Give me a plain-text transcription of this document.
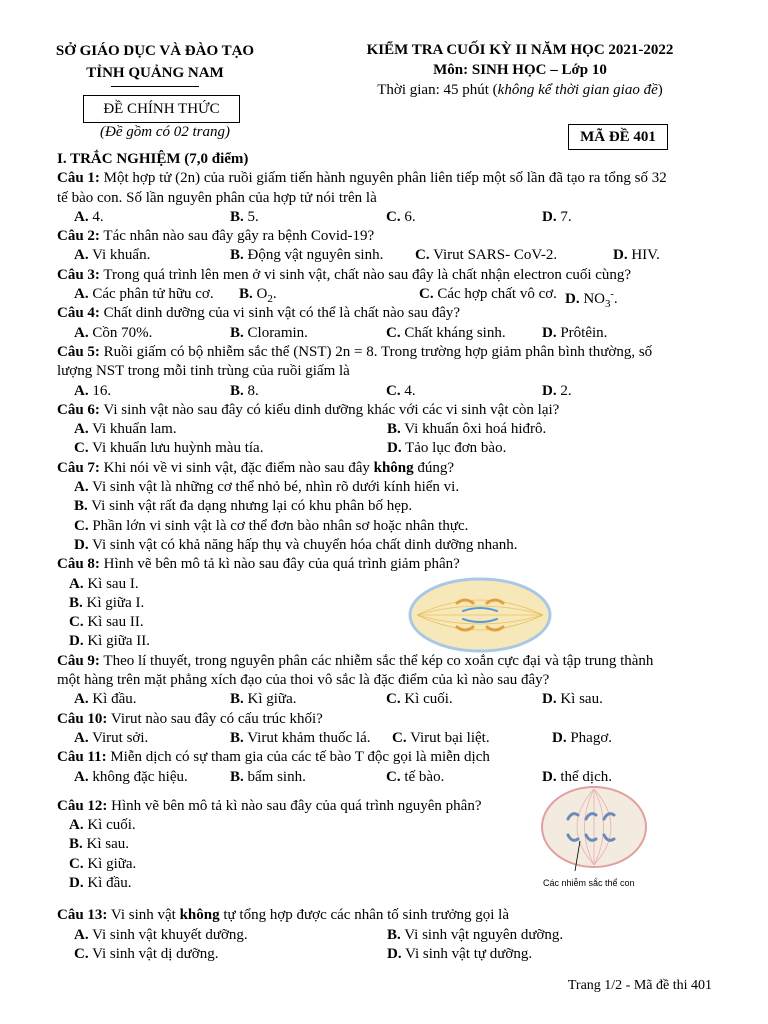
SỞ GIÁO DỤC VÀ ĐÀO TẠO
TỈNH QUẢNG NAM
KIỂM TRA CUỐI KỲ II NĂM HỌC 2021-2022
Môn: SINH HỌC – Lớp 10
Thời gian: 45 phút (không kể thời gian giao đề)
ĐỀ CHÍNH THỨC
(Đề gồm có 02 trang)	MÃ ĐỀ 401
I. TRẮC NGHIỆM (7,0 điểm)
Câu 1: Một hợp tử (2n) của ruồi giấm tiến hành nguyên phân liên tiếp một số lần đã tạo ra tổng số 32
tế bào con. Số lần nguyên phân của hợp tử nói trên là
A. 4.	B. 5.	C. 6.	D. 7.
Câu 2: Tác nhân nào sau đây gây ra bệnh Covid-19?
A. Vi khuẩn.	B. Động vật nguyên sinh.	C. Virut SARS- CoV-2.	D. HIV.
Câu 3: Trong quá trình lên men ở vi sinh vật, chất nào sau đây là chất nhận electron cuối cùng?
A. Các phân tử hữu cơ.	B. $O_2$.	C. Các hợp chất vô cơ. D. $NO_3^-$.
Câu 4: Chất dinh dưỡng của vi sinh vật có thể là chất nào sau đây?
A. Cồn 70%.	B. Cloramin.	C. Chất kháng sinh.	D. Prôtêin.
Câu 5: Ruồi giấm có bộ nhiễm sắc thể (NST) 2n = 8. Trong trường hợp giảm phân bình thường, số
lượng NST trong mỗi tinh trùng của ruồi giấm là
A. 16.	B. 8.	C. 4.	D. 2.
Câu 6: Vi sinh vật nào sau đây có kiểu dinh dưỡng khác với các vi sinh vật còn lại?
A. Vi khuẩn lam.	B. Vi khuẩn ôxi hoá hiđrô.
C. Vi khuẩn lưu huỳnh màu tía.	D. Tảo lục đơn bào.
Câu 7: Khi nói về vi sinh vật, đặc điểm nào sau đây không đúng?
A. Vi sinh vật là những cơ thể nhỏ bé, nhìn rõ dưới kính hiển vi.
B. Vi sinh vật rất đa dạng nhưng lại có khu phân bố hẹp.
C. Phần lớn vi sinh vật là cơ thể đơn bào nhân sơ hoặc nhân thực.
D. Vi sinh vật có khả năng hấp thụ và chuyển hóa chất dinh dưỡng nhanh.
Câu 8: Hình vẽ bên mô tả kì nào sau đây của quá trình giảm phân?
A. Kì sau I.
B. Kì giữa I.
C. Kì sau II.
D. Kì giữa II.
Câu 9: Theo lí thuyết, trong nguyên phân các nhiễm sắc thể kép co xoắn cực đại và tập trung thành
một hàng trên mặt phẳng xích đạo của thoi vô sắc là đặc điểm của kì nào sau đây?
A. Kì đầu.	B. Kì giữa.	C. Kì cuối.	D. Kì sau.
Câu 10: Virut nào sau đây có cấu trúc khối?
A. Virut sởi.	B. Virut khảm thuốc lá.	C. Virut bại liệt.	D. Phagơ.
Câu 11: Miễn dịch có sự tham gia của các tế bào T độc gọi là miễn dịch
A. không đặc hiệu.	B. bẩm sinh.	C. tế bào.	D. thể dịch.
Câu 12: Hình vẽ bên mô tả kì nào sau đây của quá trình nguyên phân?
A. Kì cuối.
B. Kì sau.
C. Kì giữa.
D. Kì đầu.
Câu 13: Vi sinh vật không tự tổng hợp được các nhân tố sinh trưởng gọi là
A. Vi sinh vật khuyết dưỡng.	B. Vi sinh vật nguyên dưỡng.
C. Vi sinh vật dị dưỡng.	D. Vi sinh vật tự dưỡng.
Các nhiễm sắc thể con
Trang 1/2 - Mã đề thi 401
